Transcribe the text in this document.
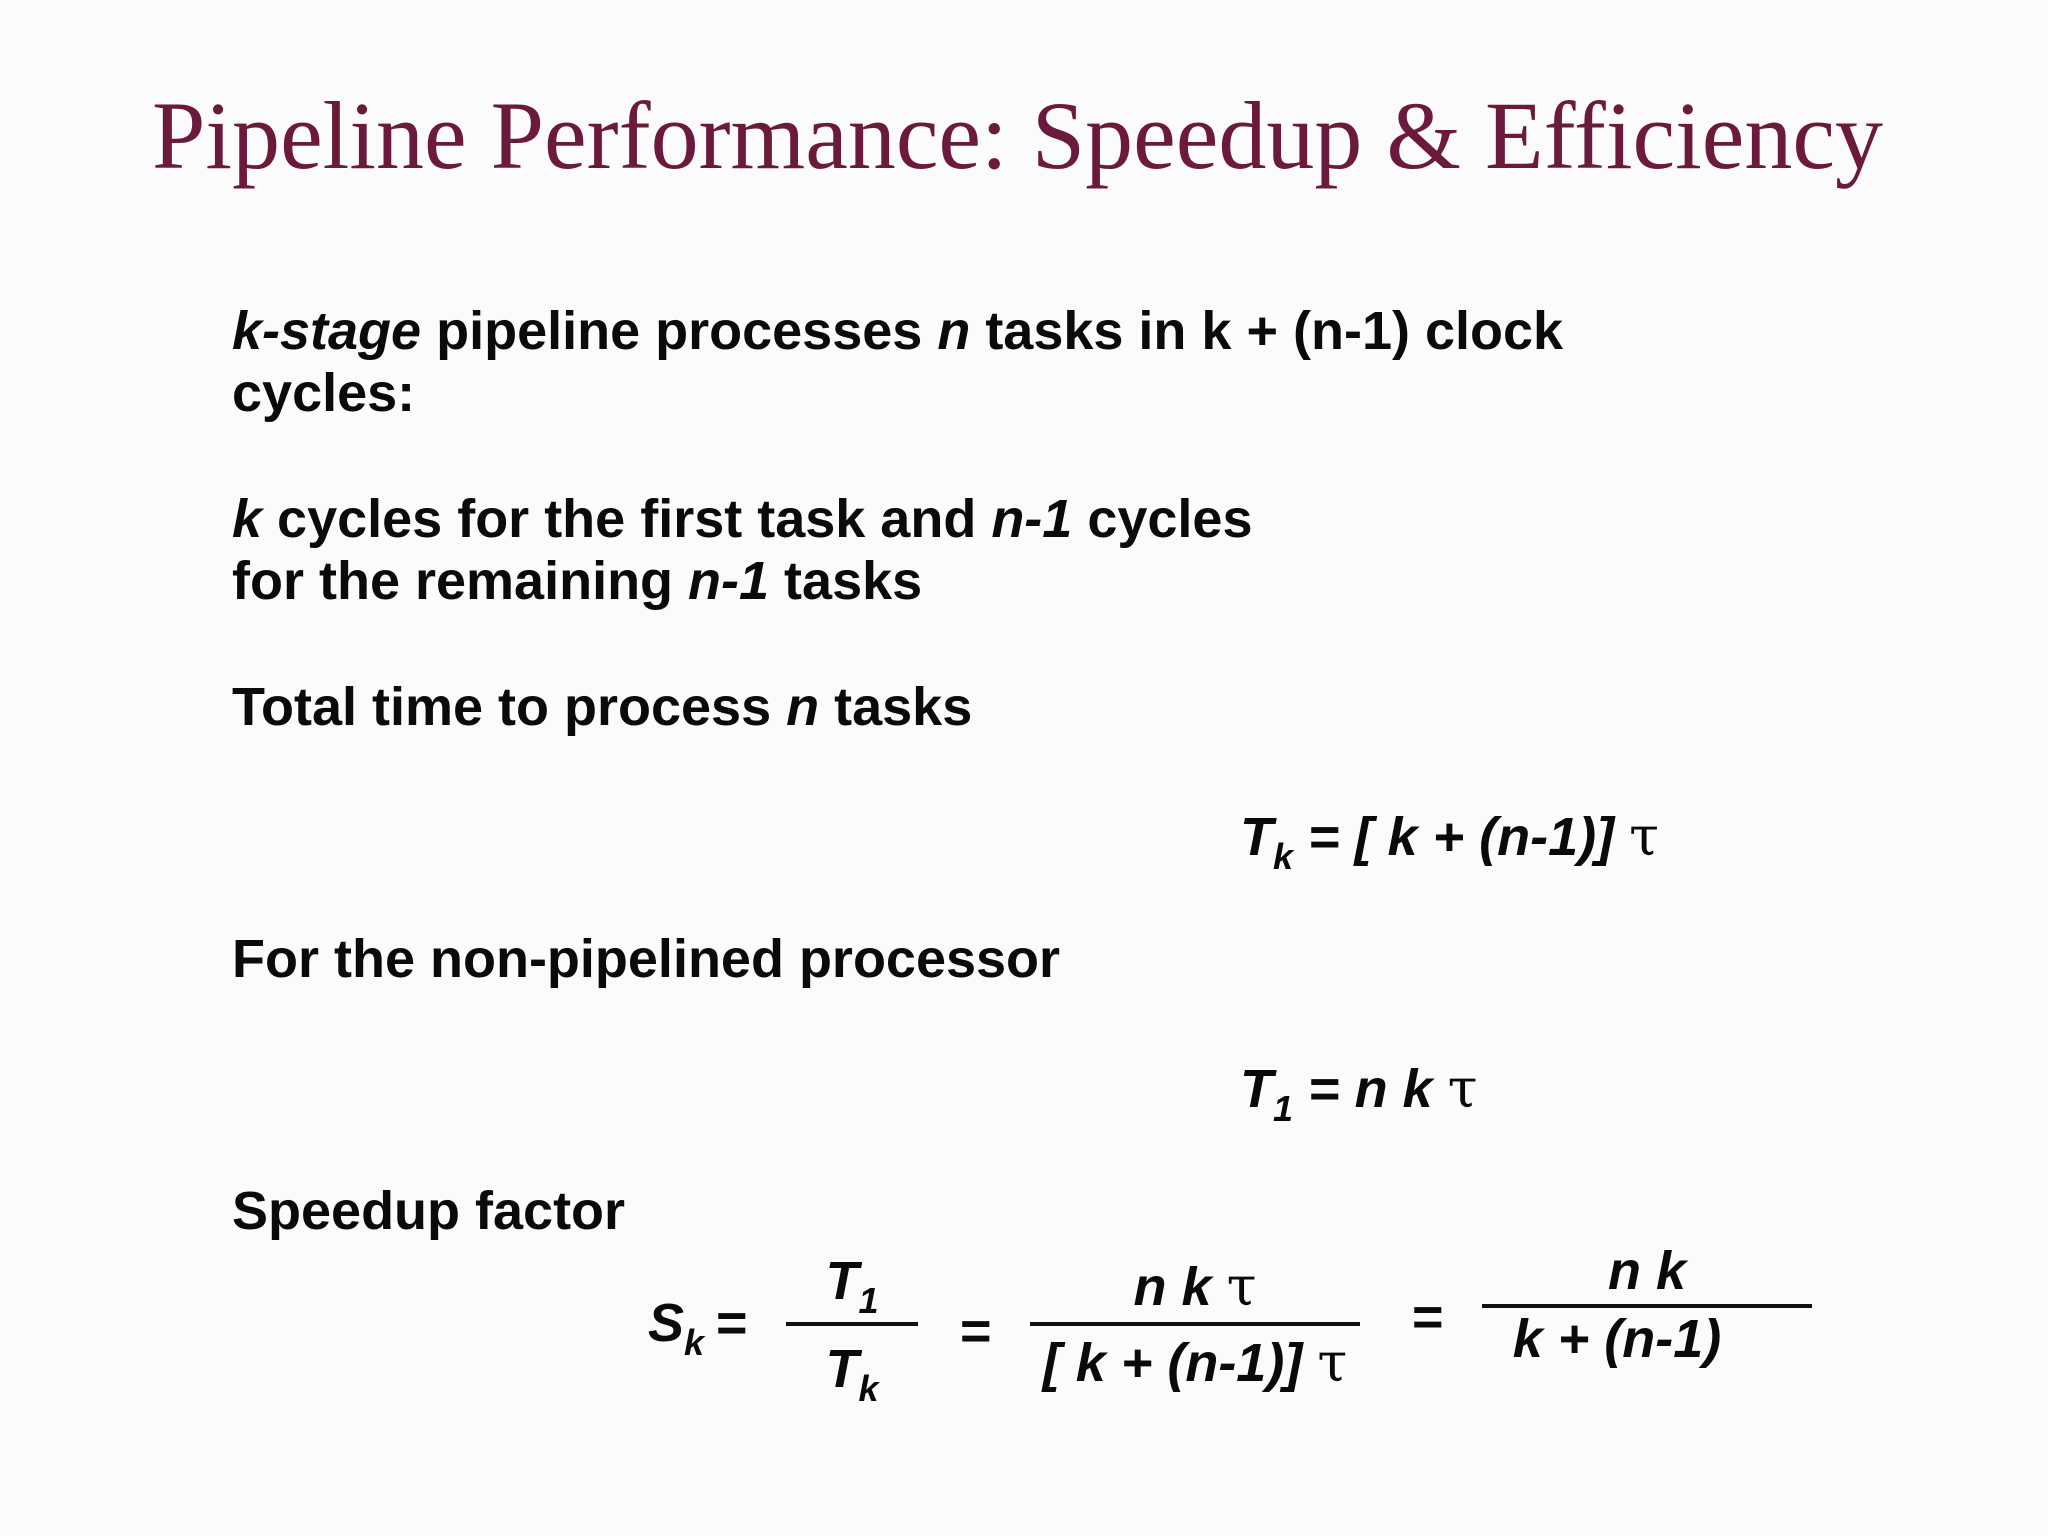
Pipeline Performance: Speedup & Efficiency
k-stage pipeline processes n tasks in k + (n-1) clock
cycles:
k cycles for the first task and n-1 cycles
for the remaining n-1 tasks
Total time to process n tasks
$T_k$ = [ k + (n-1)] τ
For the non-pipelined processor
$T_1 = n$ k τ
Speedup factor
$S_k$ =
$T_1$
$T_k$
=
n k τ
[ k + (n-1)] τ
=
n k
k + (n-1)
